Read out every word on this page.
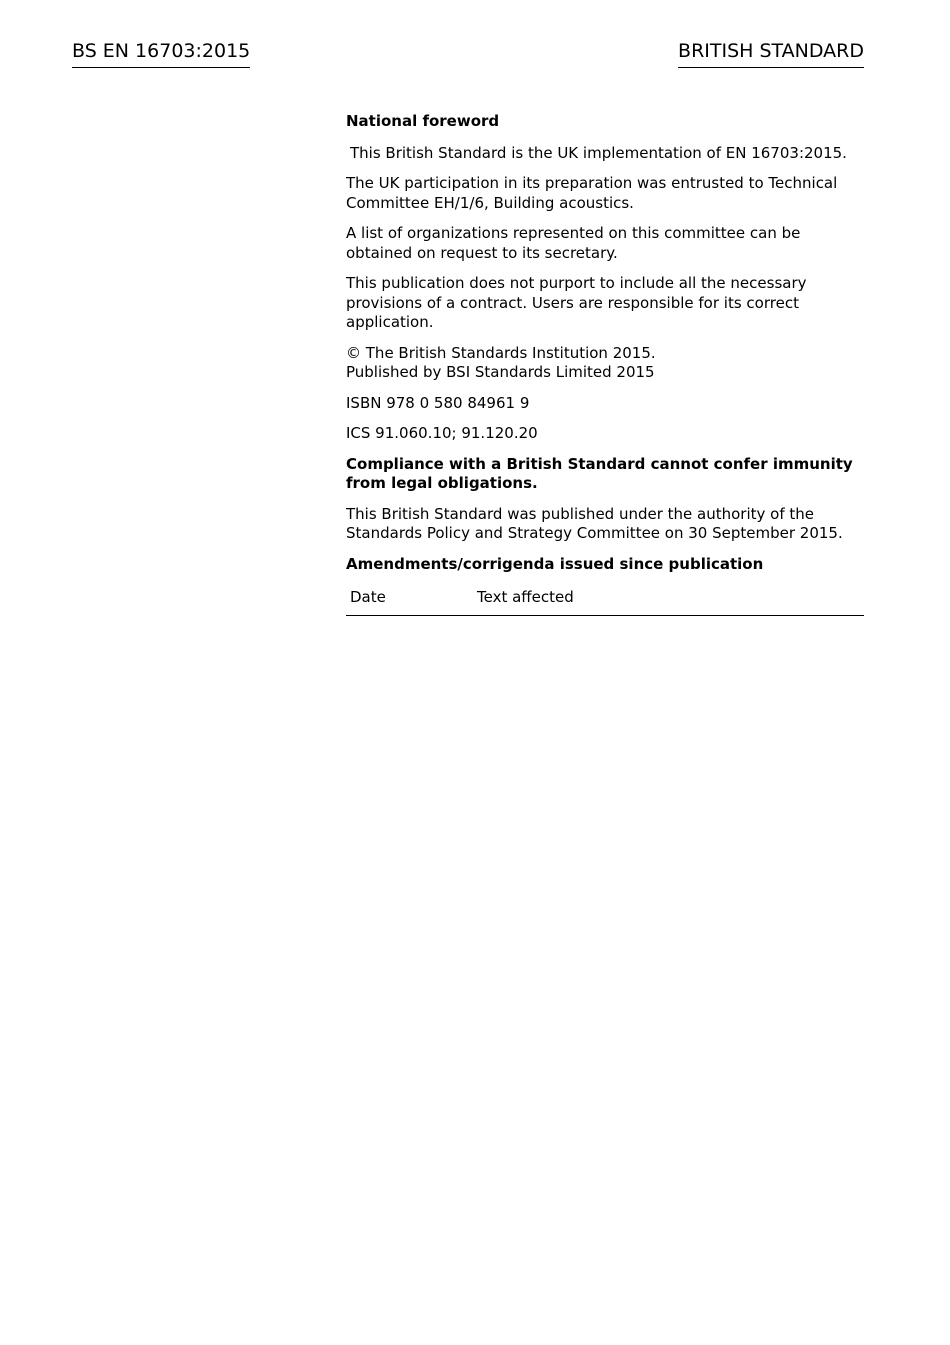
BS EN 16703:2015	BRITISH STANDARD

National foreword

This British Standard is the UK implementation of EN 16703:2015.

The UK participation in its preparation was entrusted to Technical Committee EH/1/6, Building acoustics.

A list of organizations represented on this committee can be obtained on request to its secretary.

This publication does not purport to include all the necessary provisions of a contract. Users are responsible for its correct application.

© The British Standards Institution 2015.
Published by BSI Standards Limited 2015

ISBN 978 0 580 84961 9

ICS 91.060.10; 91.120.20

Compliance with a British Standard cannot confer immunity from legal obligations.

This British Standard was published under the authority of the Standards Policy and Strategy Committee on 30 September 2015.

Amendments/corrigenda issued since publication

Date	Text affected
